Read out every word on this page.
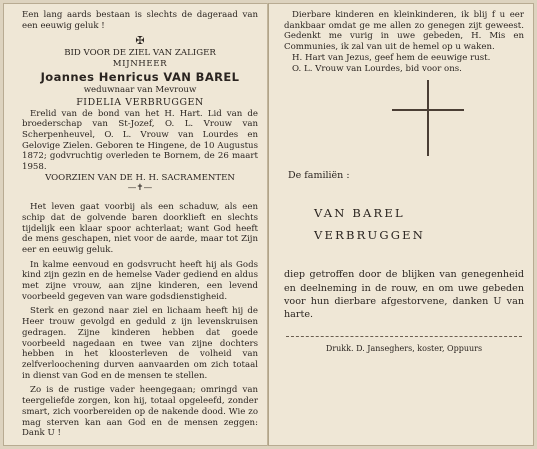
Een lang aards bestaan is slechts de dageraad van een eeuwig geluk !

✠

BID VOOR DE ZIEL VAN ZALIGER

MIJNHEER

Joannes Henricus VAN BAREL

weduwnaar van Mevrouw

FIDELIA VERBRUGGEN

Erelid van de bond van het H. Hart. Lid van de broederschap van St-Jozef, O. L. Vrouw van Scherpenheuvel, O. L. Vrouw van Lourdes en Gelovige Zielen. Geboren te Hingene, de 10 Augustus 1872; godvruchtig overleden te Bornem, de 26 maart 1958.

VOORZIEN VAN DE H. H. SACRAMENTEN

—✝—

Het leven gaat voorbij als een schaduw, als een schip dat de golvende baren doorklieft en slechts tijdelijk een klaar spoor achterlaat; want God heeft de mens geschapen, niet voor de aarde, maar tot Zijn eer en eeuwig geluk.

In kalme eenvoud en godsvrucht heeft hij als Gods kind zijn gezin en de hemelse Vader gediend en aldus met zijne vrouw, aan zijne kinderen, een levend voorbeeld gegeven van ware godsdienstigheid.

Sterk en gezond naar ziel en lichaam heeft hij de Heer trouw gevolgd en geduld z ijn levenskruisen gedragen. Zijne kinderen hebben dat goede voorbeeld nagedaan en twee van zijne dochters hebben in het kloosterleven de volheid van zelfverloochening durven aanvaarden om zich totaal in dienst van God en de mensen te stellen.

Zo is de rustige vader heengegaan; omringd van teergeliefde zorgen, kon hij, totaal opgeleefd, zonder smart, zich voorbereiden op de nakende dood. Wie zo mag sterven kan aan God en de mensen zeggen: Dank U !

Dierbare kinderen en kleinkinderen, ik blij f u eer dankbaar omdat ge me allen zo genegen zijt geweest. Gedenkt me vurig in uwe gebeden, H. Mis en Communies, ik zal van uit de hemel op u waken.

H. Hart van Jezus, geef hem de eeuwige rust.

O. L. Vrouw van Lourdes, bid voor ons.

De familiën :
VAN BAREL
VERBRUGGEN

diep getroffen door de blijken van genegenheid en deelneming in de rouw, en om uwe gebeden voor hun dierbare afgestorvene, danken U van harte.

Drukk. D. Janseghers, koster, Oppuurs
